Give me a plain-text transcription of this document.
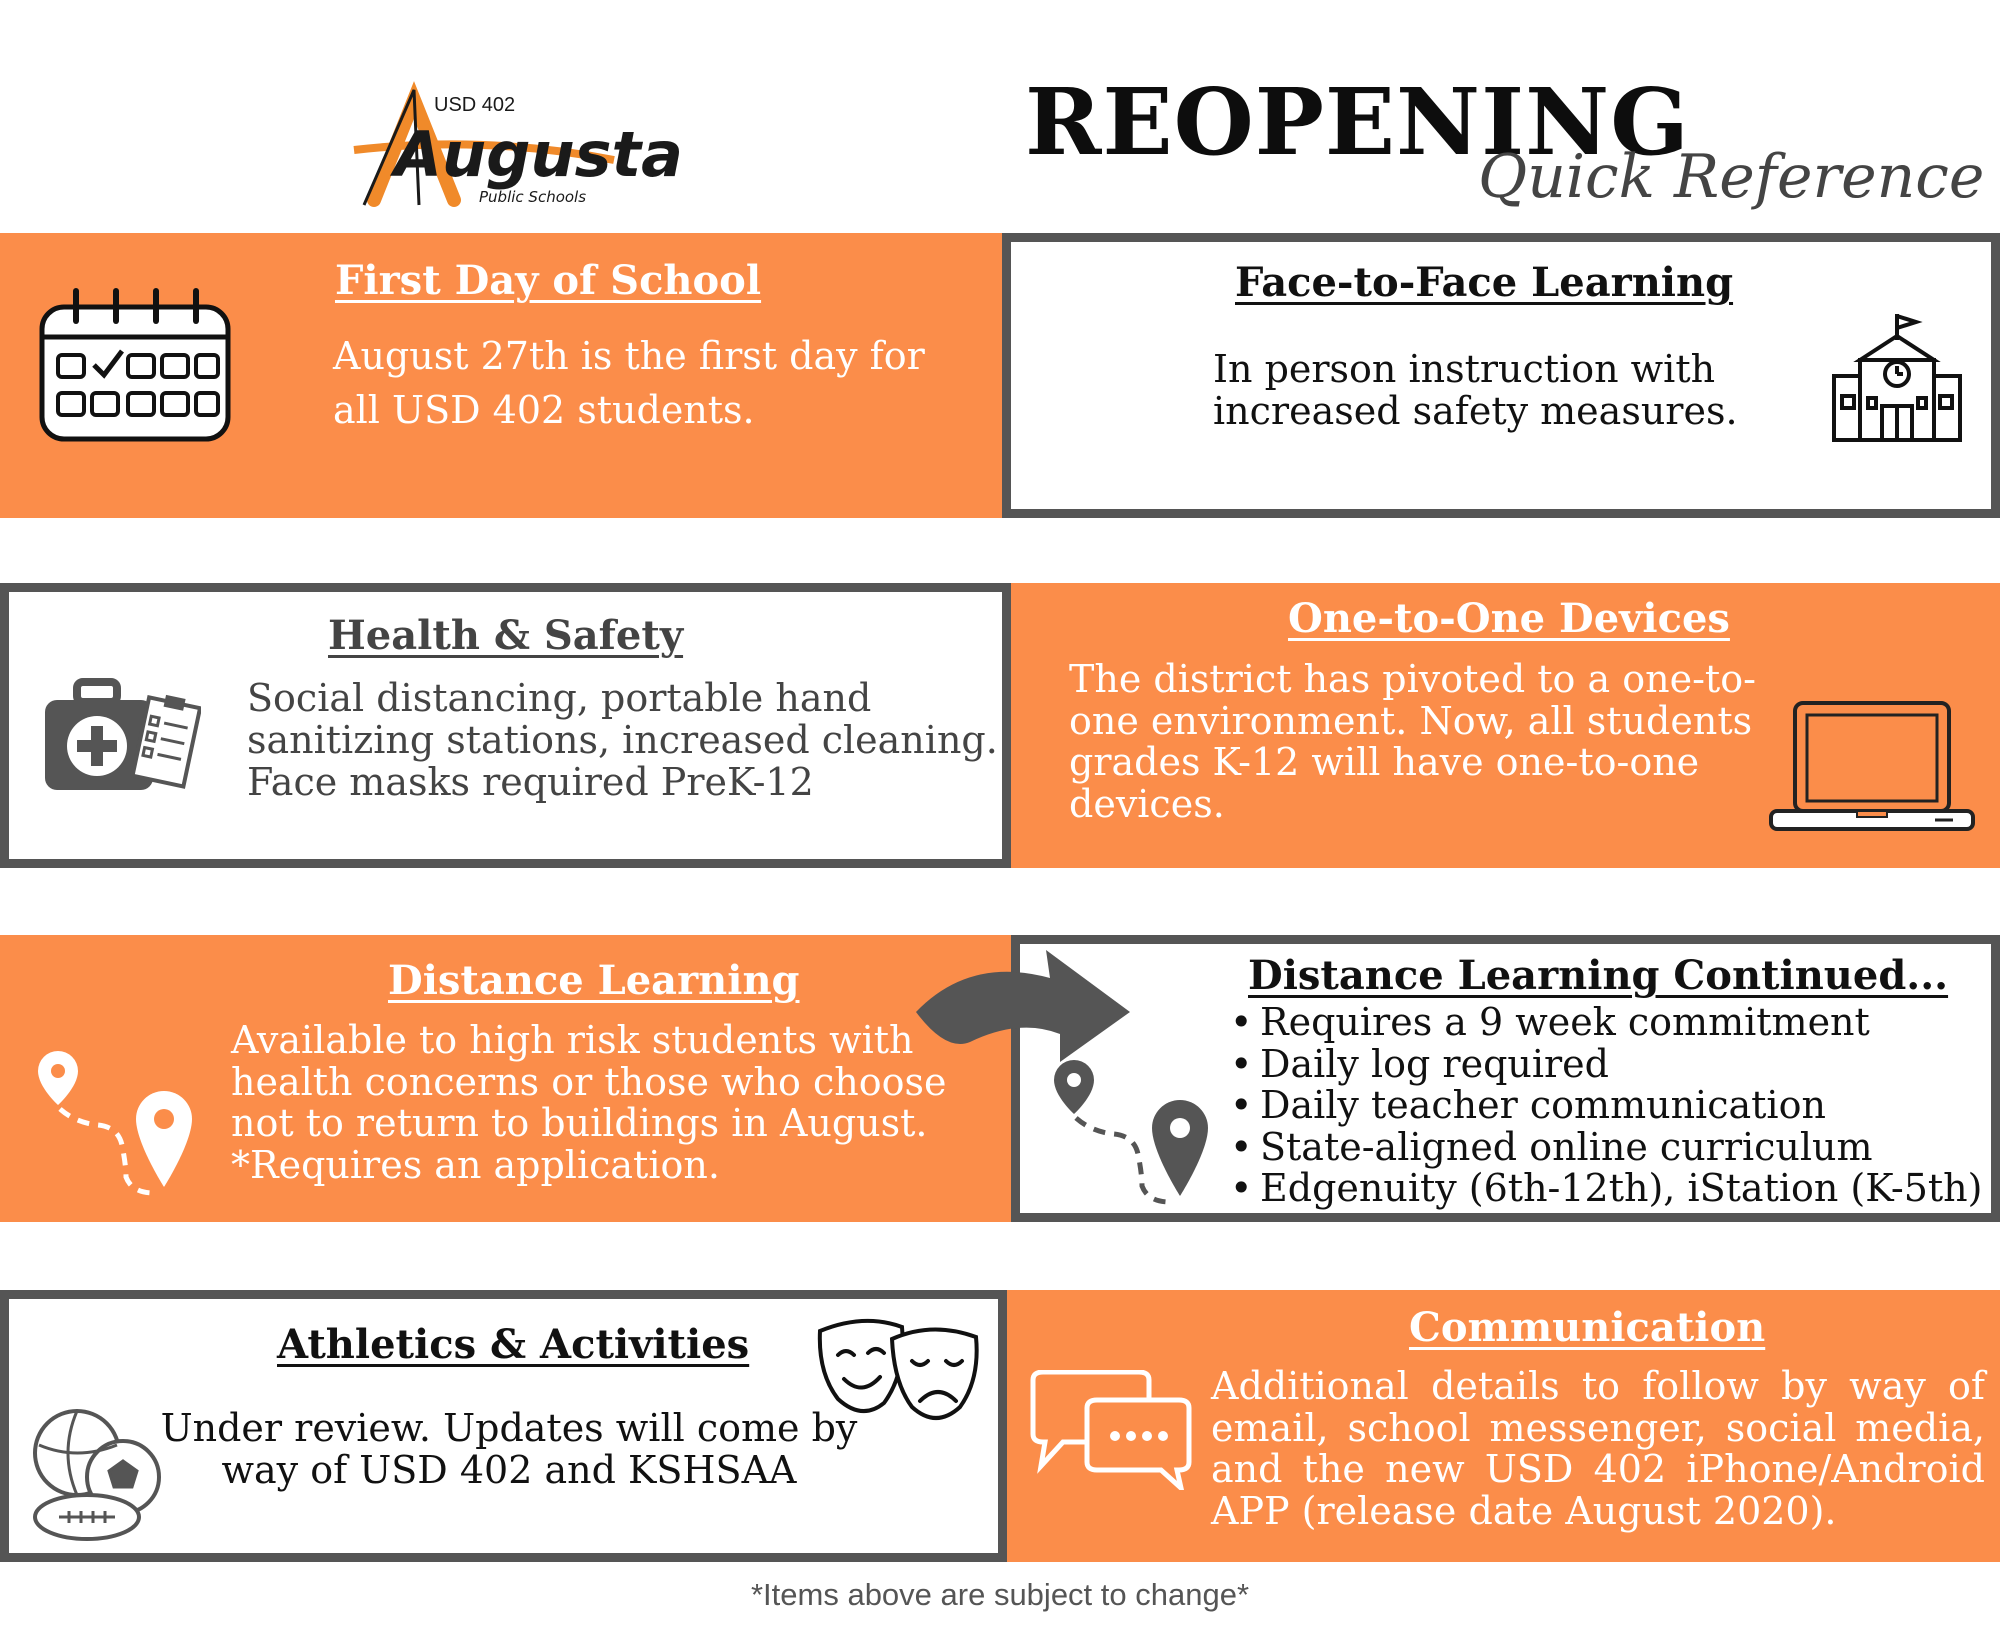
USD 402
Augusta
Public Schools
REOPENING
Quick Reference
First Day of School
August 27th is the first day for
all USD 402 students.
Face-to-Face Learning
In person instruction with
increased safety measures.
Health & Safety
Social distancing, portable hand
sanitizing stations, increased cleaning.
Face masks required PreK-12
One-to-One Devices
The district has pivoted to a one-to-
one environment. Now, all students
grades K-12 will have one-to-one
devices.
Distance Learning
Available to high risk students with
health concerns or those who choose
not to return to buildings in August.
*Requires an application.
Distance Learning Continued...
• Requires a 9 week commitment
• Daily log required
• Daily teacher communication
• State-aligned online curriculum
• Edgenuity (6th-12th), iStation (K-5th)
Athletics & Activities
Under review. Updates will come by
way of USD 402 and KSHSAA
Communication
Additional details to follow by way of
email, school messenger, social media,
and the new USD 402 iPhone/Android
APP (release date August 2020).
*Items above are subject to change*
